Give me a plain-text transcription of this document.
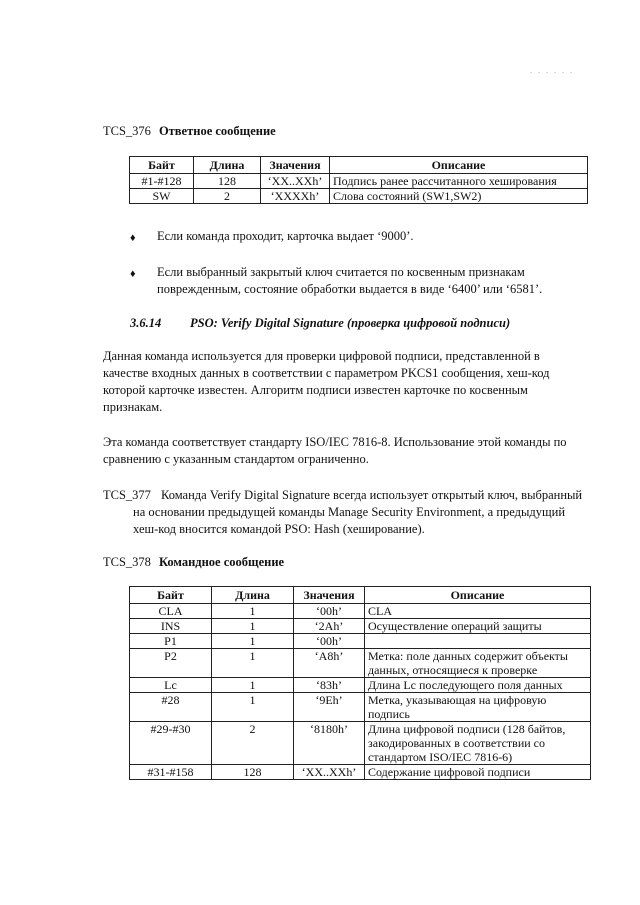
. . . . . .
TCS_376 Ответное сообщение
Байт	Длина	Значения	Описание
#1-#128	128	‘XX..XXh’	Подпись ранее рассчитанного хеширования
SW	2	‘XXXXh’	Слова состояний (SW1,SW2)
♦ Если команда проходит, карточка выдает ‘9000’.
♦ Если выбранный закрытый ключ считается по косвенным признакам
поврежденным, состояние обработки выдается в виде ‘6400’ или ‘6581’.
3.6.14 PSO: Verify Digital Signature (проверка цифровой подписи)
Данная команда используется для проверки цифровой подписи, представленной в
качестве входных данных в соответствии с параметром PKCS1 сообщения, хеш-код
которой карточке известен. Алгоритм подписи известен карточке по косвенным
признакам.
Эта команда соответствует стандарту ISO/IEC 7816-8. Использование этой команды по
сравнению с указанным стандартом ограниченно.
TCS_377 Команда Verify Digital Signature всегда использует открытый ключ, выбранный
на основании предыдущей команды Manage Security Environment, а предыдущий
хеш-код вносится командой PSO: Hash (хеширование).
TCS_378 Командное сообщение
Байт	Длина	Значения	Описание
CLA	1	‘00h’	CLA

INS	1	‘2Ah’	Осуществление операций защиты

P1	1	‘00h’	

P2	1	‘A8h’	Метка: поле данных содержит объекты
данных, относящиеся к проверке

Lc	1	‘83h’	Длина Lc последующего поля данных

#28	1	‘9Eh’	Метка, указывающая на цифровую
подпись

#29-#30	2	‘8180h’	Длина цифровой подписи (128 байтов,
закодированных в соответствии со
стандартом ISO/IEC 7816-6)

#31-#158	128	‘XX..XXh’	Содержание цифровой подписи
